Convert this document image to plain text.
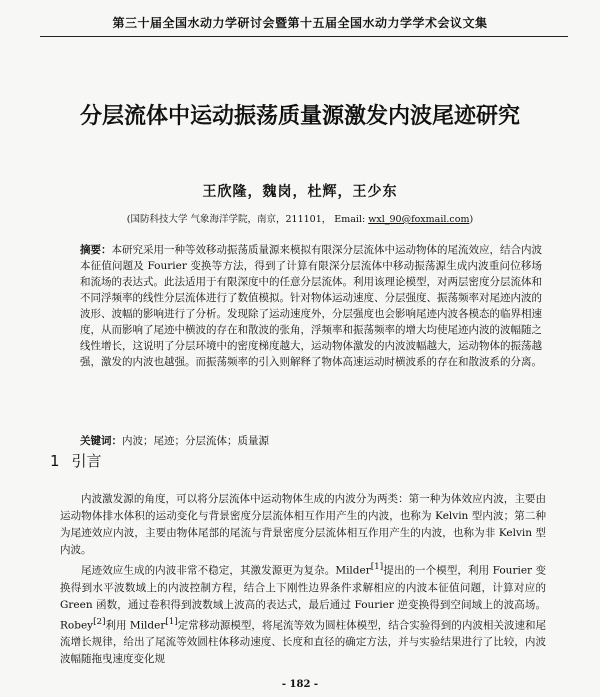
第三十届全国水动力学研讨会暨第十五届全国水动力学学术会议文集
分层流体中运动振荡质量源激发内波尾迹研究
王欣隆，魏岗，杜辉，王少东
(国防科技大学 气象海洋学院，南京，211101， Email: wxl_90@foxmail.com)

摘要：本研究采用一种等效移动振荡质量源来模拟有限深分层流体中运动物体的尾流效应，结合内波本征值问题及 Fourier 变换等方法，得到了计算有限深分层流体中移动振荡源生成内波重问位移场和流场的表达式。此法适用于有限深度中的任意分层流体。利用该理论模型，对两层密度分层流体和不同浮频率的线性分层流体进行了数值模拟。针对物体运动速度、分层强度、振荡频率对尾迹内波的波形、波幅的影响进行了分析。发现除了运动速度外，分层强度也会影响尾迹内波各模态的临界相速度，从而影响了尾迹中横波的存在和散波的张角，浮频率和振荡频率的增大均使尾迹内波的波幅随之线性增长，这说明了分层环境中的密度梯度越大，运动物体激发的内波波幅越大，运动物体的振荡越强，激发的内波也越强。而振荡频率的引入则解释了物体高速运动时横波系的存在和散波系的分离。

关键词：内波；尾迹；分层流体；质量源

1 引言

内波激发源的角度，可以将分层流体中运动物体生成的内波分为两类：第一种为体效应内波，主要由运动物体排水体积的运动变化与背景密度分层流体相互作用产生的内波，也称为 Kelvin 型内波；第二种为尾迹效应内波，主要由物体尾部的尾流与背景密度分层流体相互作用产生的内波，也称为非 Kelvin 型内波。

尾迹效应生成的内波非常不稳定，其激发源更为复杂。Milder[1]提出的一个模型，利用 Fourier 变换得到水平波数域上的内波控制方程，结合上下刚性边界条件求解相应的内波本征值问题，计算对应的 Green 函数，通过卷积得到波数域上波高的表达式，最后通过 Fourier 逆变换得到空间域上的波高场。Robey[2]利用 Milder[1]定常移动源模型，将尾流等效为圆柱体模型，结合实验得到的内波相关波速和尾流增长规律，给出了尾流等效圆柱体移动速度、长度和直径的确定方法，并与实验结果进行了比较，内波波幅随拖曳速度变化规

- 182 -
